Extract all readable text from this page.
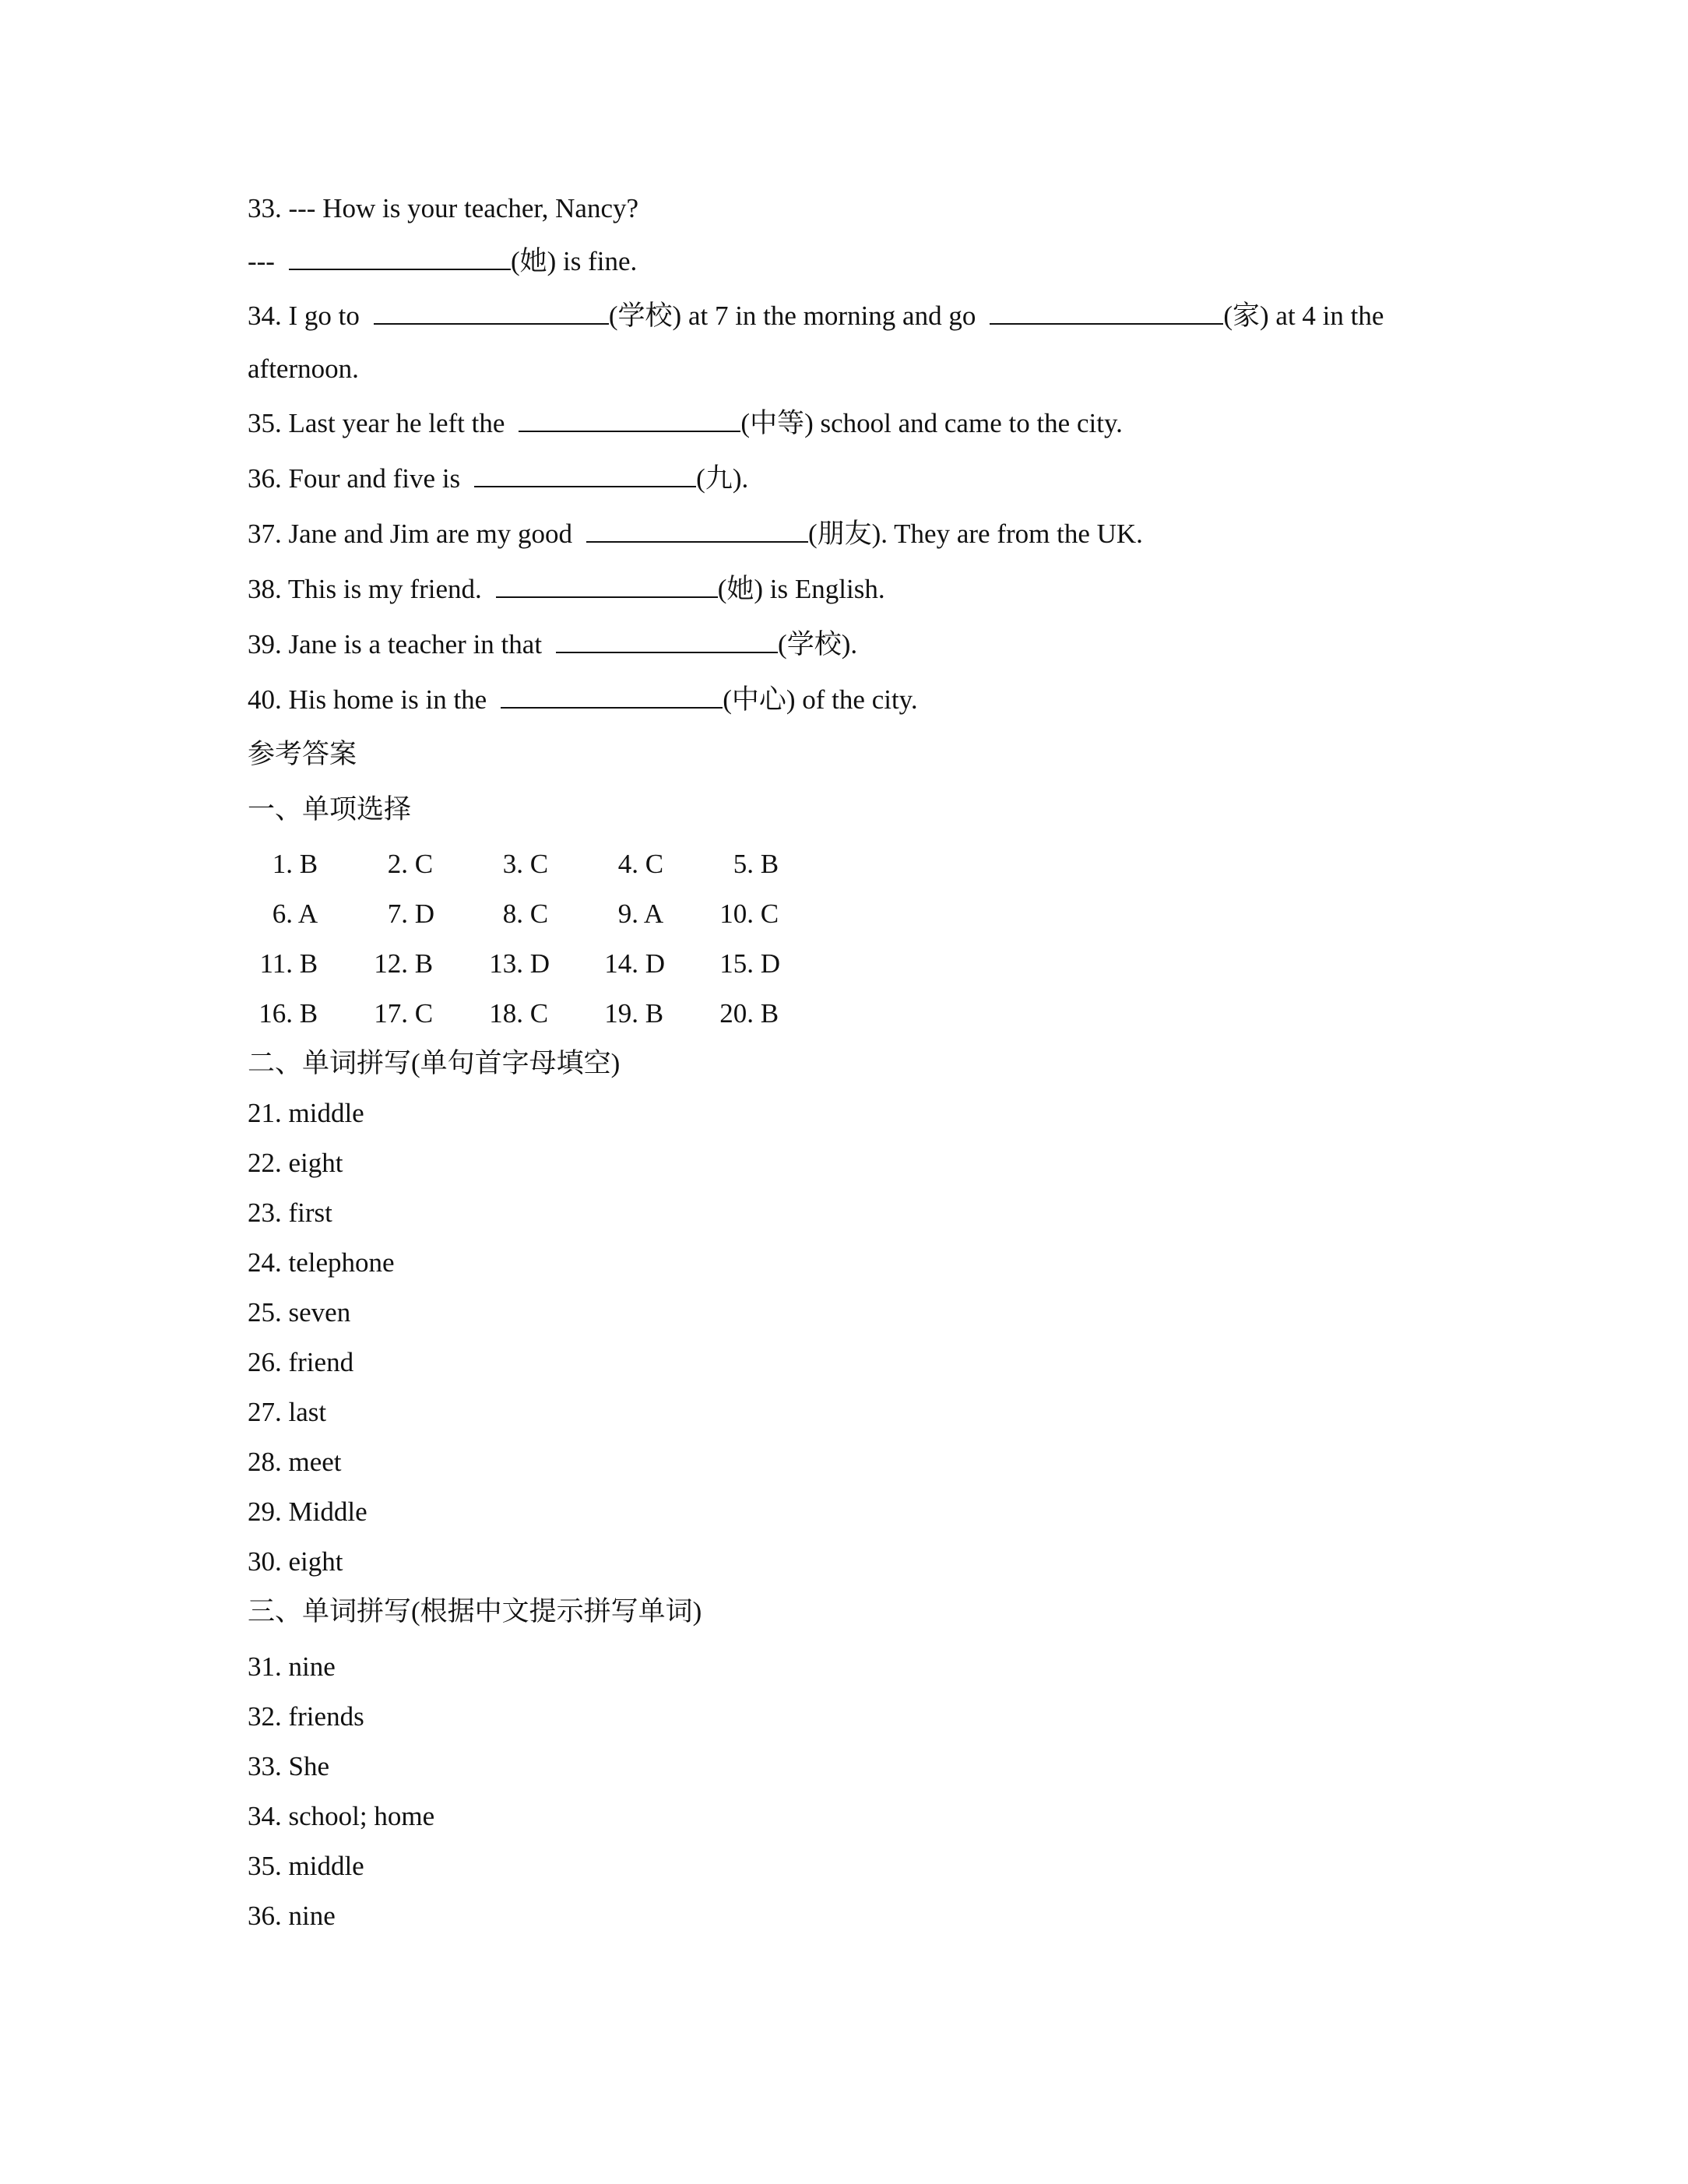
33. --- How is your teacher, Nancy?

---	(她) is fine.

34. I go to	(学校) at 7 in the morning and go	(家) at 4 in the

afternoon.

35. Last year he left the	(中等) school and came to the city.

36. Four and five is	(九).

37. Jane and Jim are my good	(朋友). They are from the UK.

38. This is my friend.	(她) is English.

39. Jane is a teacher in that	(学校).

40. His home is in the	(中心) of the city.

参考答案

一、单项选择

1. B	2. C	3. C	4. C	5. B
6. A	7. D	8. C	9. A	10. C
11. B	12. B	13. D	14. D	15. D
16. B	17. C	18. C	19. B	20. B

二、单词拼写(单句首字母填空)

21. middle

22. eight

23. first

24. telephone

25. seven

26. friend

27. last

28. meet

29. Middle

30. eight

三、单词拼写(根据中文提示拼写单词)

31. nine

32. friends

33. She

34. school; home

35. middle

36. nine
